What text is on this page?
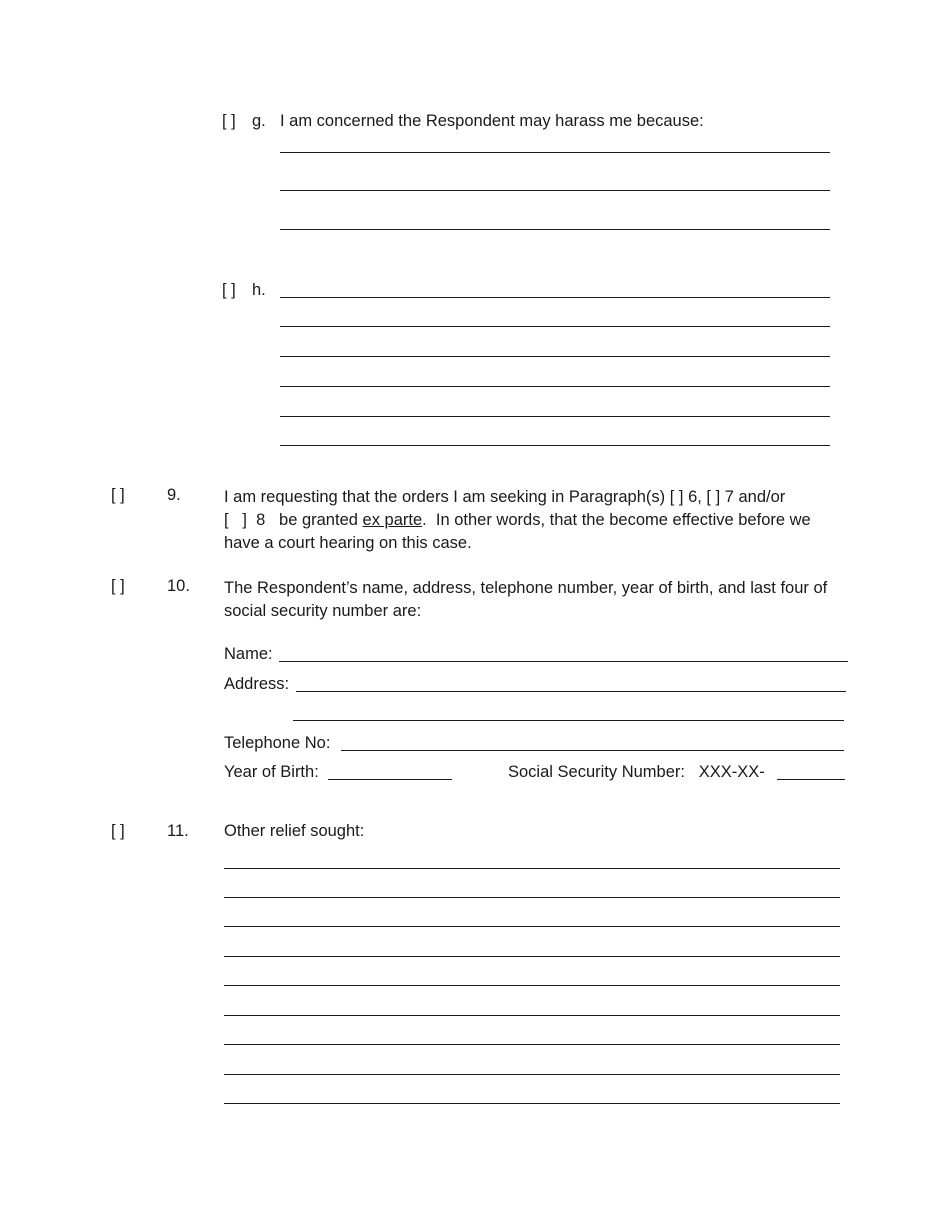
[ ] g. I am concerned the Respondent may harass me because:
[ ] h.
[ ]	9.	I am requesting that the orders I am seeking in Paragraph(s) [ ] 6, [ ] 7 and/or
[   ]  8   be granted ex parte.  In other words, that the become effective before we
have a court hearing on this case.
[ ]	10. The Respondent’s name, address, telephone number, year of birth, and last four of
social security number are:
Name:
Address:
Telephone No:
Year of Birth:	Social Security Number:   XXX-XX-
[ ]	11. Other relief sought:
